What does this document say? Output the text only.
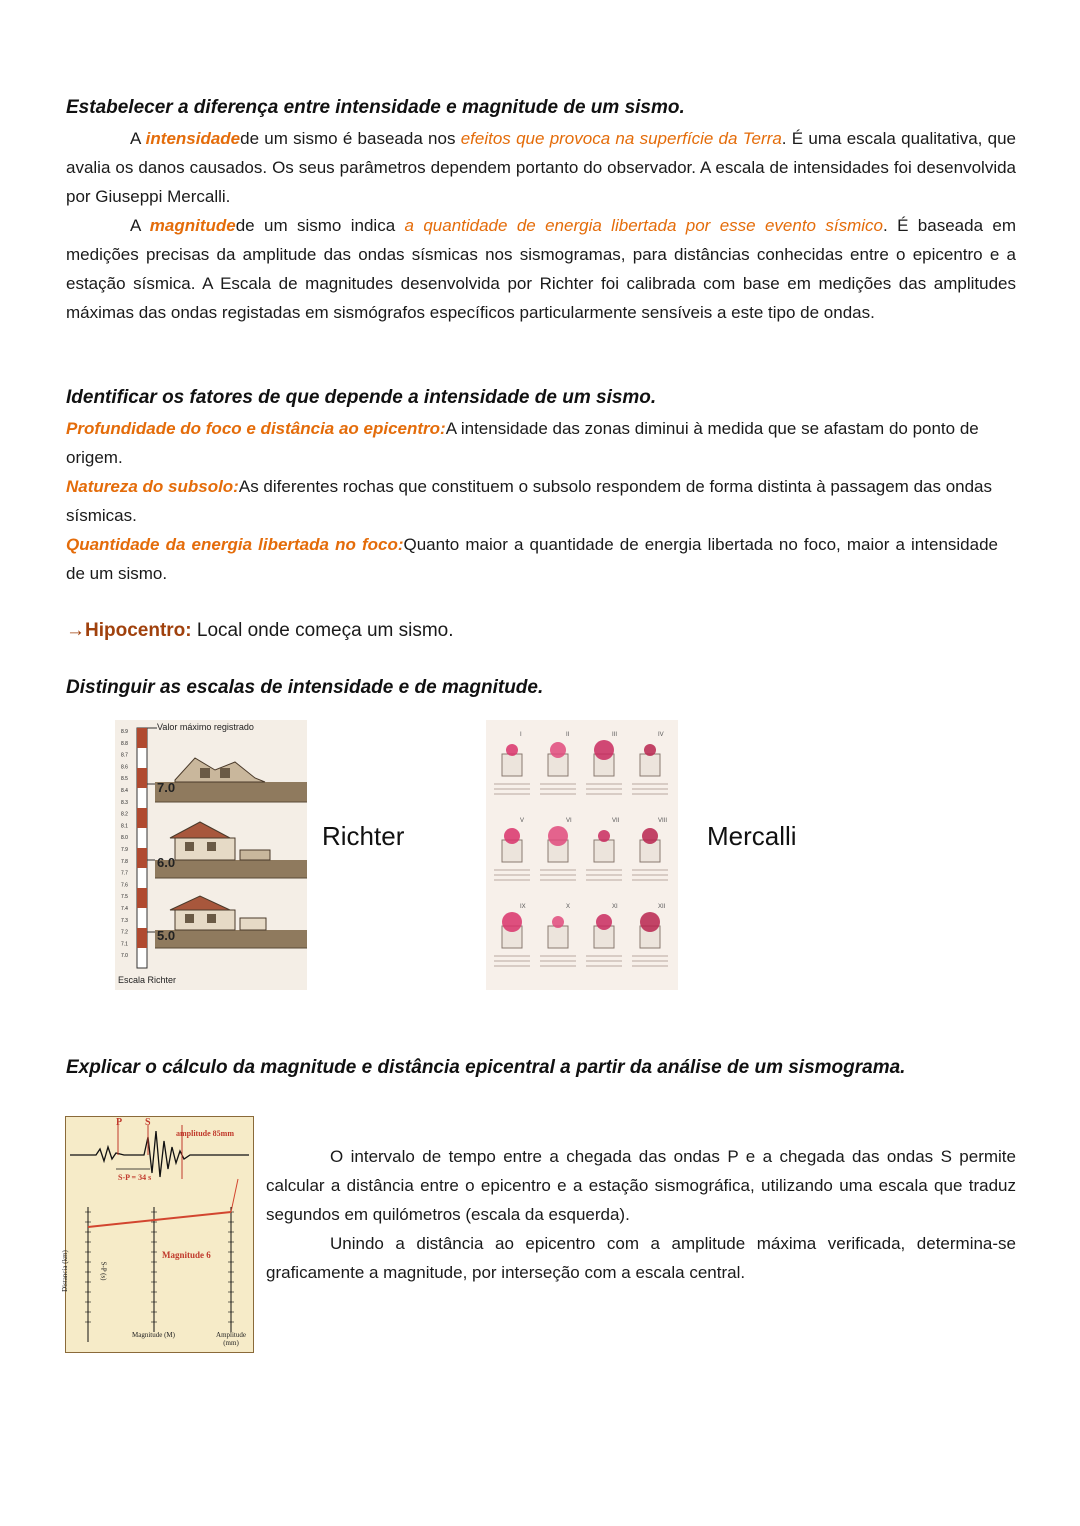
Estabelecer a diferença entre intensidade e magnitude de um sismo.

A intensidadede um sismo é baseada nos efeitos que provoca na superfície da Terra. É uma escala qualitativa, que avalia os danos causados. Os seus parâmetros dependem portanto do observador. A escala de intensidades foi desenvolvida por Giuseppi Mercalli.

A magnitudede um sismo indica a quantidade de energia libertada por esse evento sísmico. É baseada em medições precisas da amplitude das ondas sísmicas nos sismogramas, para distâncias conhecidas entre o epicentro e a estação sísmica. A Escala de magnitudes desenvolvida por Richter foi calibrada com base em medições das amplitudes máximas das ondas registadas em sismógrafos específicos particularmente sensíveis a este tipo de ondas.

Identificar os fatores de que depende a intensidade de um sismo.

Profundidade do foco e distância ao epicentro:A intensidade das zonas diminui à medida que se afastam do ponto de origem.

Natureza do subsolo:As diferentes rochas que constituem o subsolo respondem de forma distinta à passagem das ondas sísmicas.

Quantidade da energia libertada no foco:Quanto maior a quantidade de energia libertada no foco, maior a intensidade de um sismo.

→Hipocentro: Local onde começa um sismo.

Distinguir as escalas de intensidade e de magnitude.

8.9
8.8
8.7
8.6
8.5
8.4
8.3
8.2
8.1
8.0
7.9
7.8
7.7
7.6
7.5
7.4
7.3
7.2
7.1
7.0
Valor máximo registrado
7.0
6.0
5.0
Escala Richter
Richter
I	II	III	IV
V	VI	VII	VIII
IX	X	XI	XII
Mercalli

Explicar o cálculo da magnitude e distância epicentral a partir da análise de um sismograma.

P S
amplitude 85mm
S-P = 34 s
Magnitude 6
Distancia (km)	S-P (s)
Magnitude (M)	Amplitude (mm)

O intervalo de tempo entre a chegada das ondas P e a chegada das ondas S permite calcular a distância entre o epicentro e a estação sismográfica, utilizando uma escala que traduz segundos em quilómetros (escala da esquerda).

Unindo a distância ao epicentro com a amplitude máxima verificada, determina-se graficamente a magnitude, por interseção com a escala central.
